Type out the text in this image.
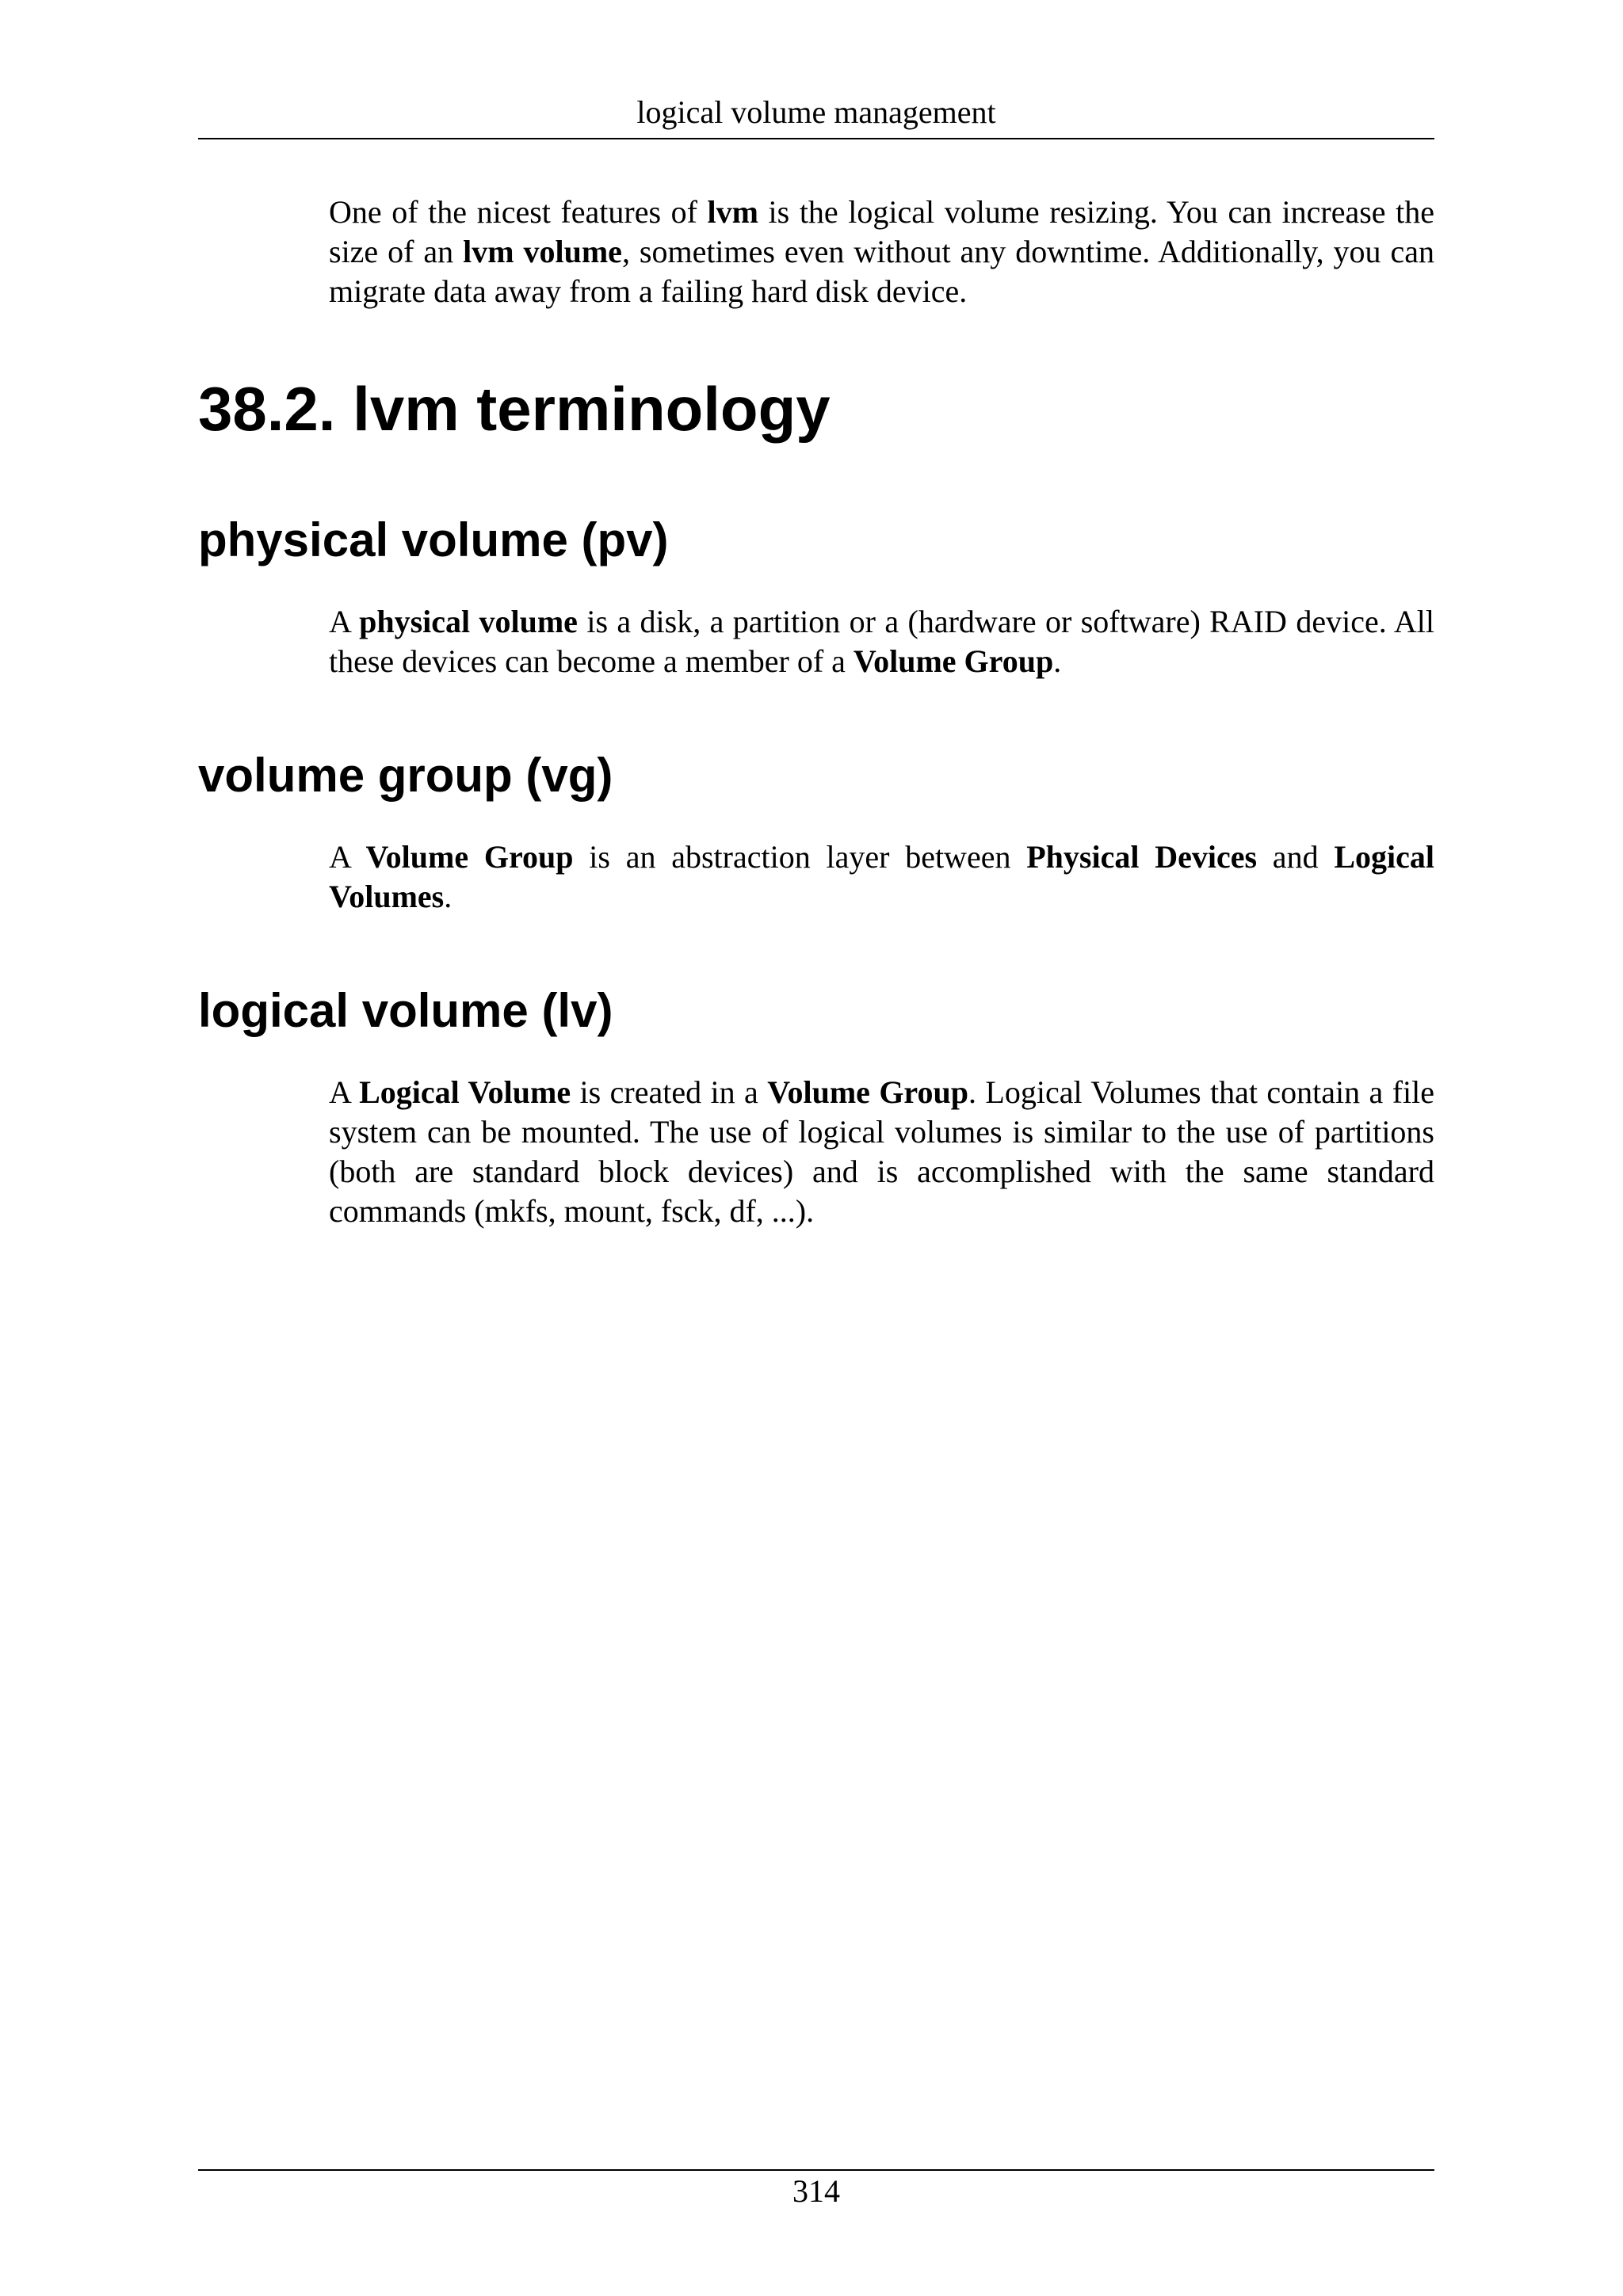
logical volume management

One of the nicest features of lvm is the logical volume resizing. You can increase the size of an lvm volume, sometimes even without any downtime. Additionally, you can migrate data away from a failing hard disk device.

38.2. lvm terminology
physical volume (pv)

A physical volume is a disk, a partition or a (hardware or software) RAID device. All these devices can become a member of a Volume Group.

volume group (vg)

A Volume Group is an abstraction layer between Physical Devices and Logical Volumes.

logical volume (lv)

A Logical Volume is created in a Volume Group. Logical Volumes that contain a file system can be mounted. The use of logical volumes is similar to the use of partitions (both are standard block devices) and is accomplished with the same standard commands (mkfs, mount, fsck, df, ...).

314
